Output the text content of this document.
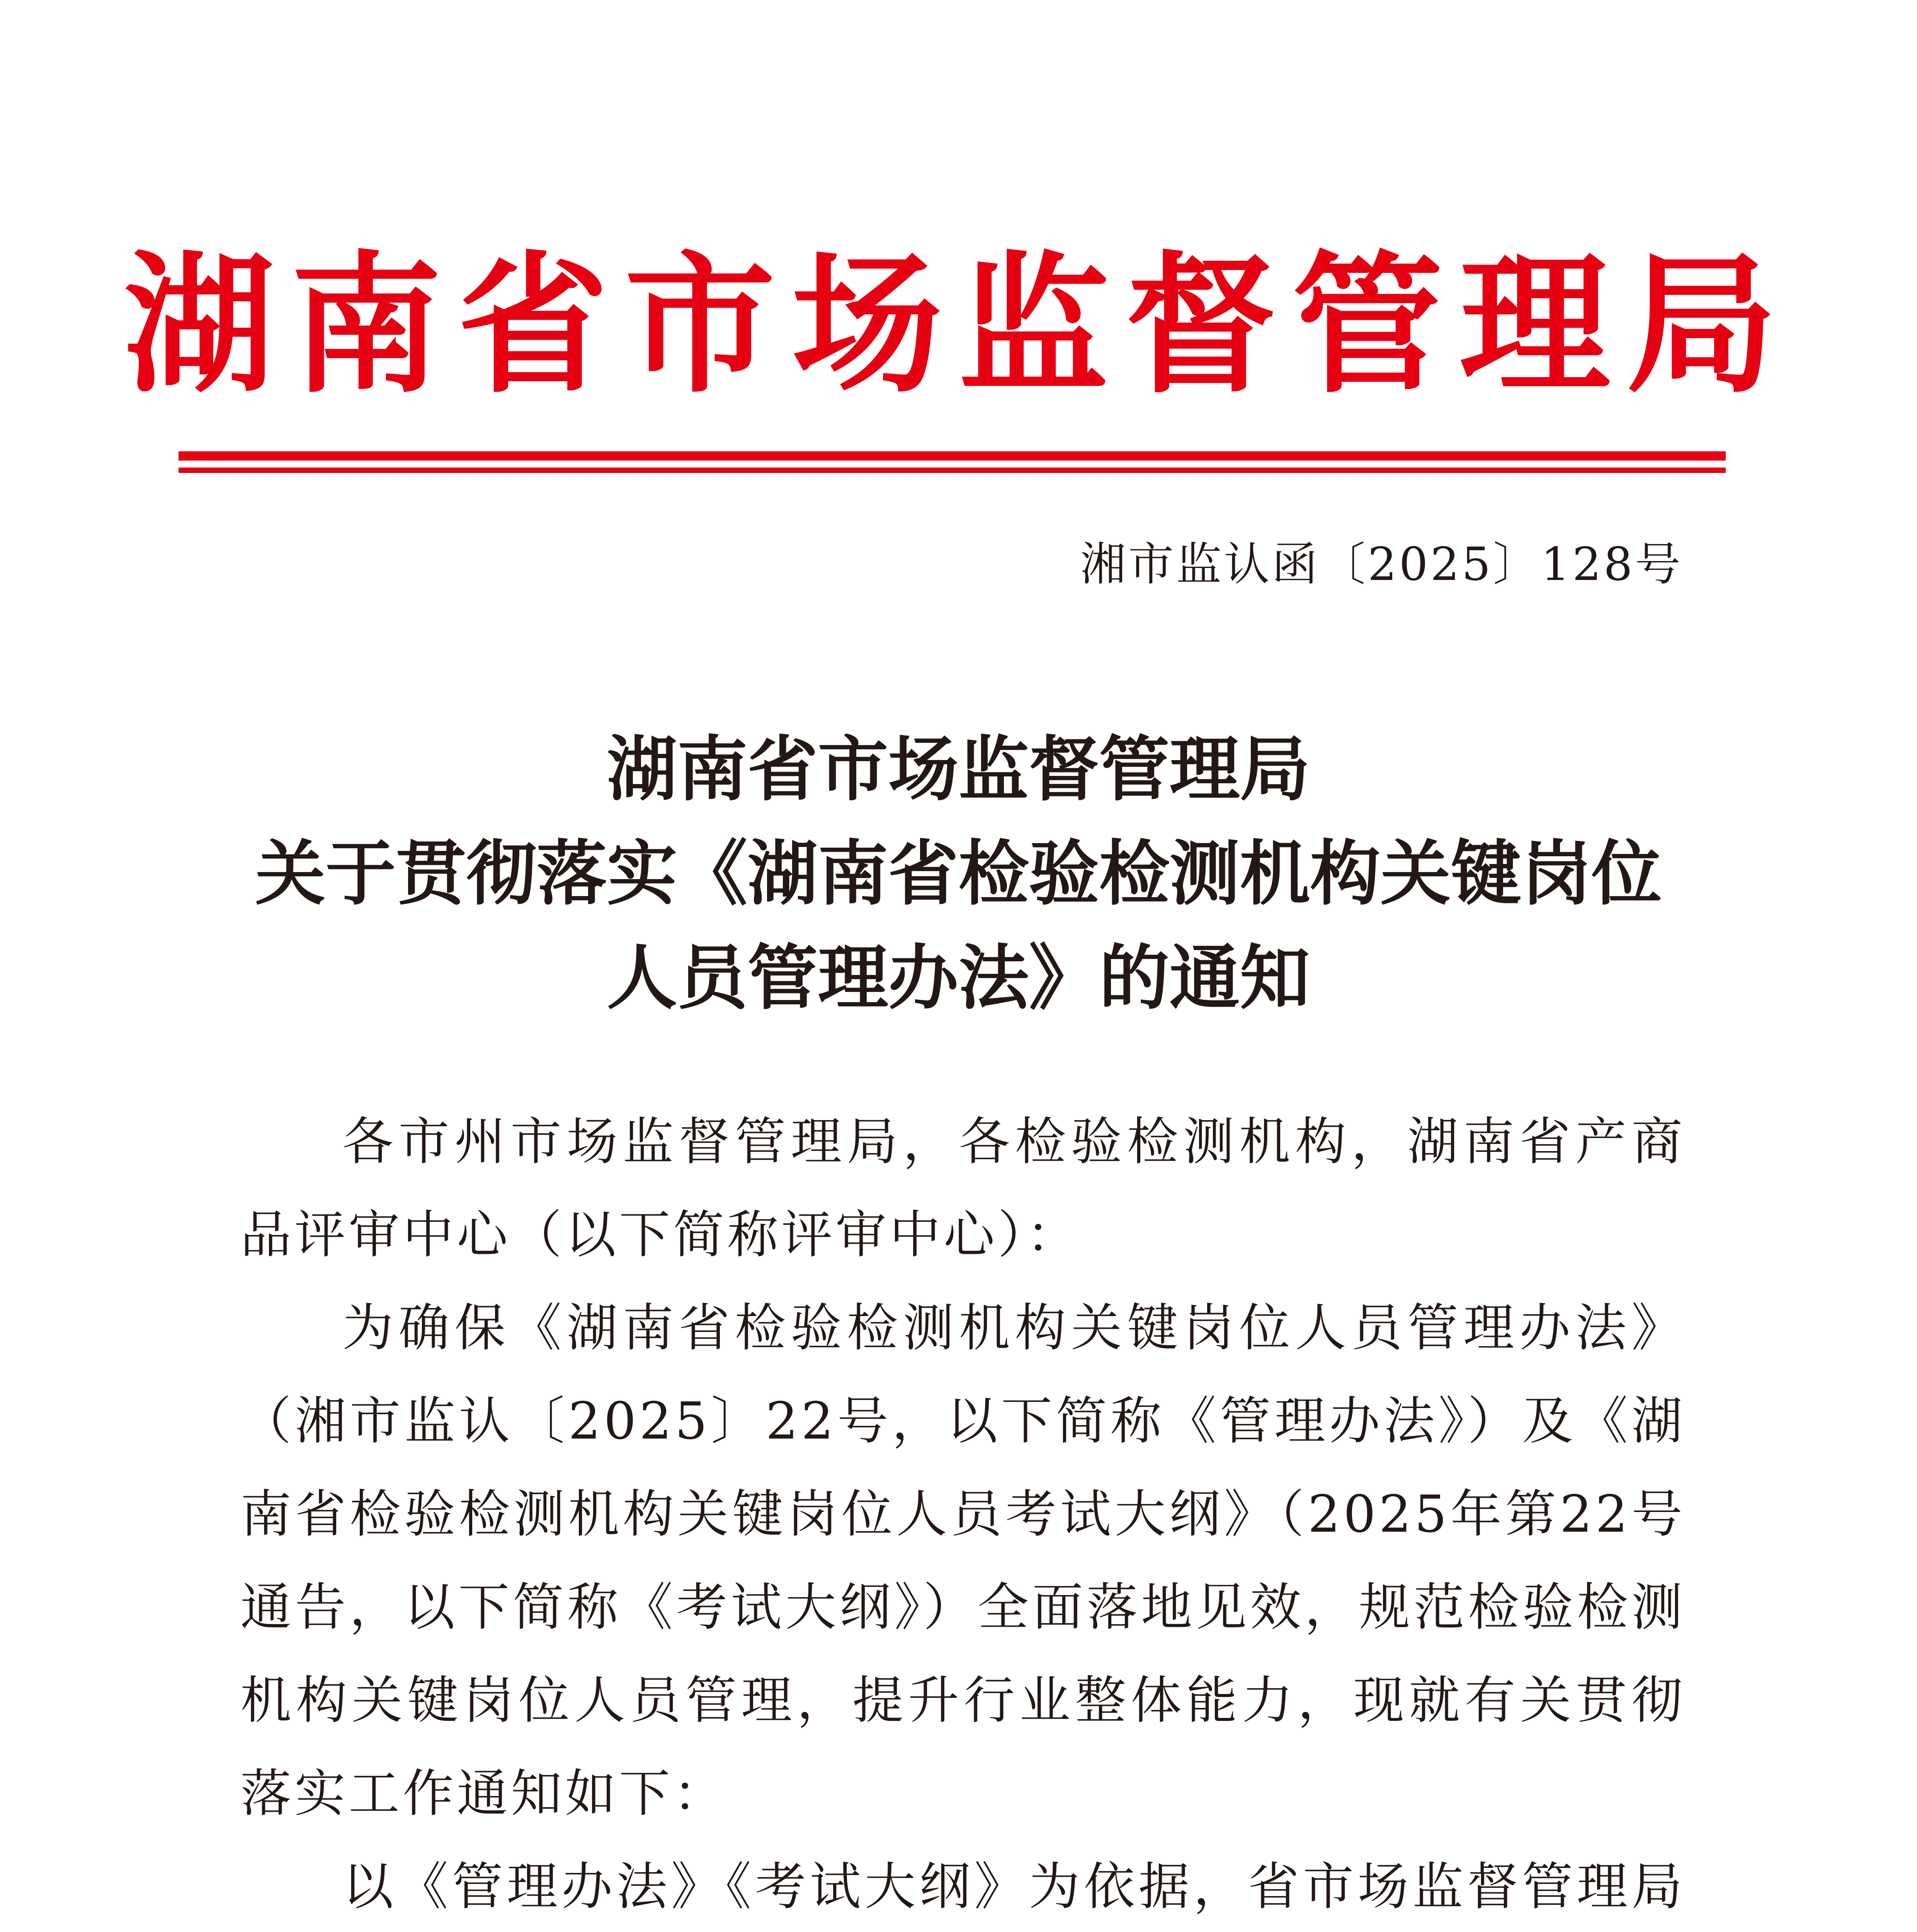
湖南省市场监督管理局
湘市监认函〔2025〕128号
湖南省市场监督管理局
关于贯彻落实《湖南省检验检测机构关键岗位
人员管理办法》的通知

各市州市场监督管理局，各检验检测机构，湖南省产商品评审中心（以下简称评审中心）：

为确保《湖南省检验检测机构关键岗位人员管理办法》（湘市监认〔2025〕22号，以下简称《管理办法》）及《湖南省检验检测机构关键岗位人员考试大纲》（2025年第22号通告，以下简称《考试大纲》）全面落地见效，规范检验检测机构关键岗位人员管理，提升行业整体能力，现就有关贯彻落实工作通知如下：

以《管理办法》《考试大纲》为依据，省市场监督管理局
